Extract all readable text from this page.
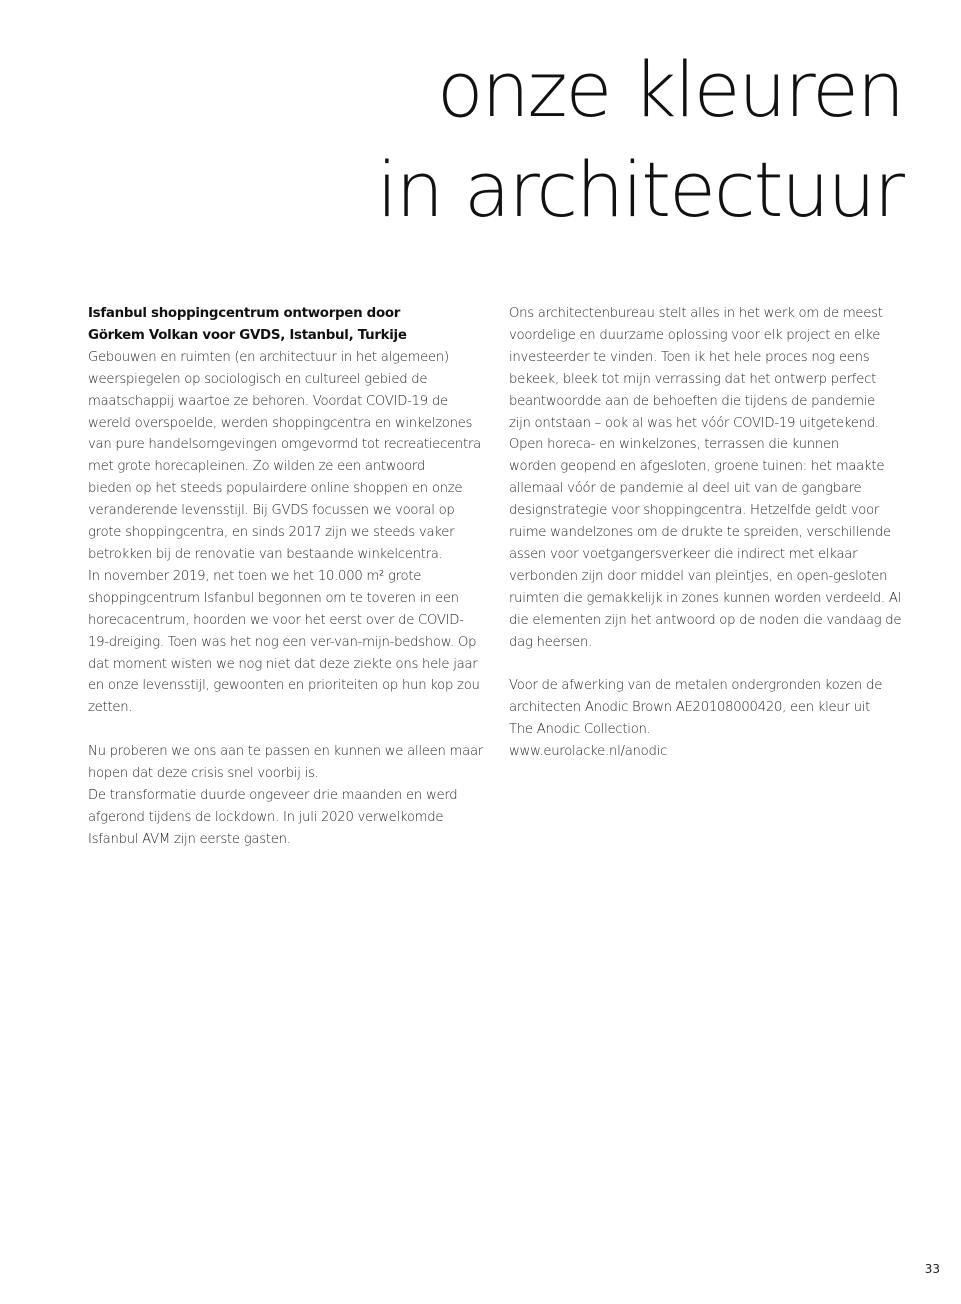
onze kleuren
in architectuur

Isfanbul shoppingcentrum ontworpen door
Görkem Volkan voor GVDS, Istanbul, Turkije

Gebouwen en ruimten (en architectuur in het algemeen)
weerspiegelen op sociologisch en cultureel gebied de
maatschappij waartoe ze behoren. Voordat COVID-19 de
wereld overspoelde, werden shoppingcentra en winkelzones
van pure handelsomgevingen omgevormd tot recreatiecentra
met grote horecapleinen. Zo wilden ze een antwoord
bieden op het steeds populairdere online shoppen en onze
veranderende levensstijl. Bij GVDS focussen we vooral op
grote shoppingcentra, en sinds 2017 zijn we steeds vaker
betrokken bij de renovatie van bestaande winkelcentra.

In november 2019, net toen we het 10.000 m² grote
shoppingcentrum Isfanbul begonnen om te toveren in een
horecacentrum, hoorden we voor het eerst over de COVID-
19-dreiging. Toen was het nog een ver-van-mijn-bedshow. Op
dat moment wisten we nog niet dat deze ziekte ons hele jaar
en onze levensstijl, gewoonten en prioriteiten op hun kop zou
zetten.

Nu proberen we ons aan te passen en kunnen we alleen maar
hopen dat deze crisis snel voorbij is.

De transformatie duurde ongeveer drie maanden en werd
afgerond tijdens de lockdown. In juli 2020 verwelkomde
Isfanbul AVM zijn eerste gasten.

Ons architectenbureau stelt alles in het werk om de meest
voordelige en duurzame oplossing voor elk project en elke
investeerder te vinden. Toen ik het hele proces nog eens
bekeek, bleek tot mijn verrassing dat het ontwerp perfect
beantwoordde aan de behoeften die tijdens de pandemie
zijn ontstaan – ook al was het vóór COVID-19 uitgetekend.
Open horeca- en winkelzones, terrassen die kunnen
worden geopend en afgesloten, groene tuinen: het maakte
allemaal vóór de pandemie al deel uit van de gangbare
designstrategie voor shoppingcentra. Hetzelfde geldt voor
ruime wandelzones om de drukte te spreiden, verschillende
assen voor voetgangersverkeer die indirect met elkaar
verbonden zijn door middel van pleintjes, en open-gesloten
ruimten die gemakkelijk in zones kunnen worden verdeeld. Al
die elementen zijn het antwoord op de noden die vandaag de
dag heersen.

Voor de afwerking van de metalen ondergronden kozen de
architecten Anodic Brown AE20108000420, een kleur uit
The Anodic Collection.
www.eurolacke.nl/anodic

33
